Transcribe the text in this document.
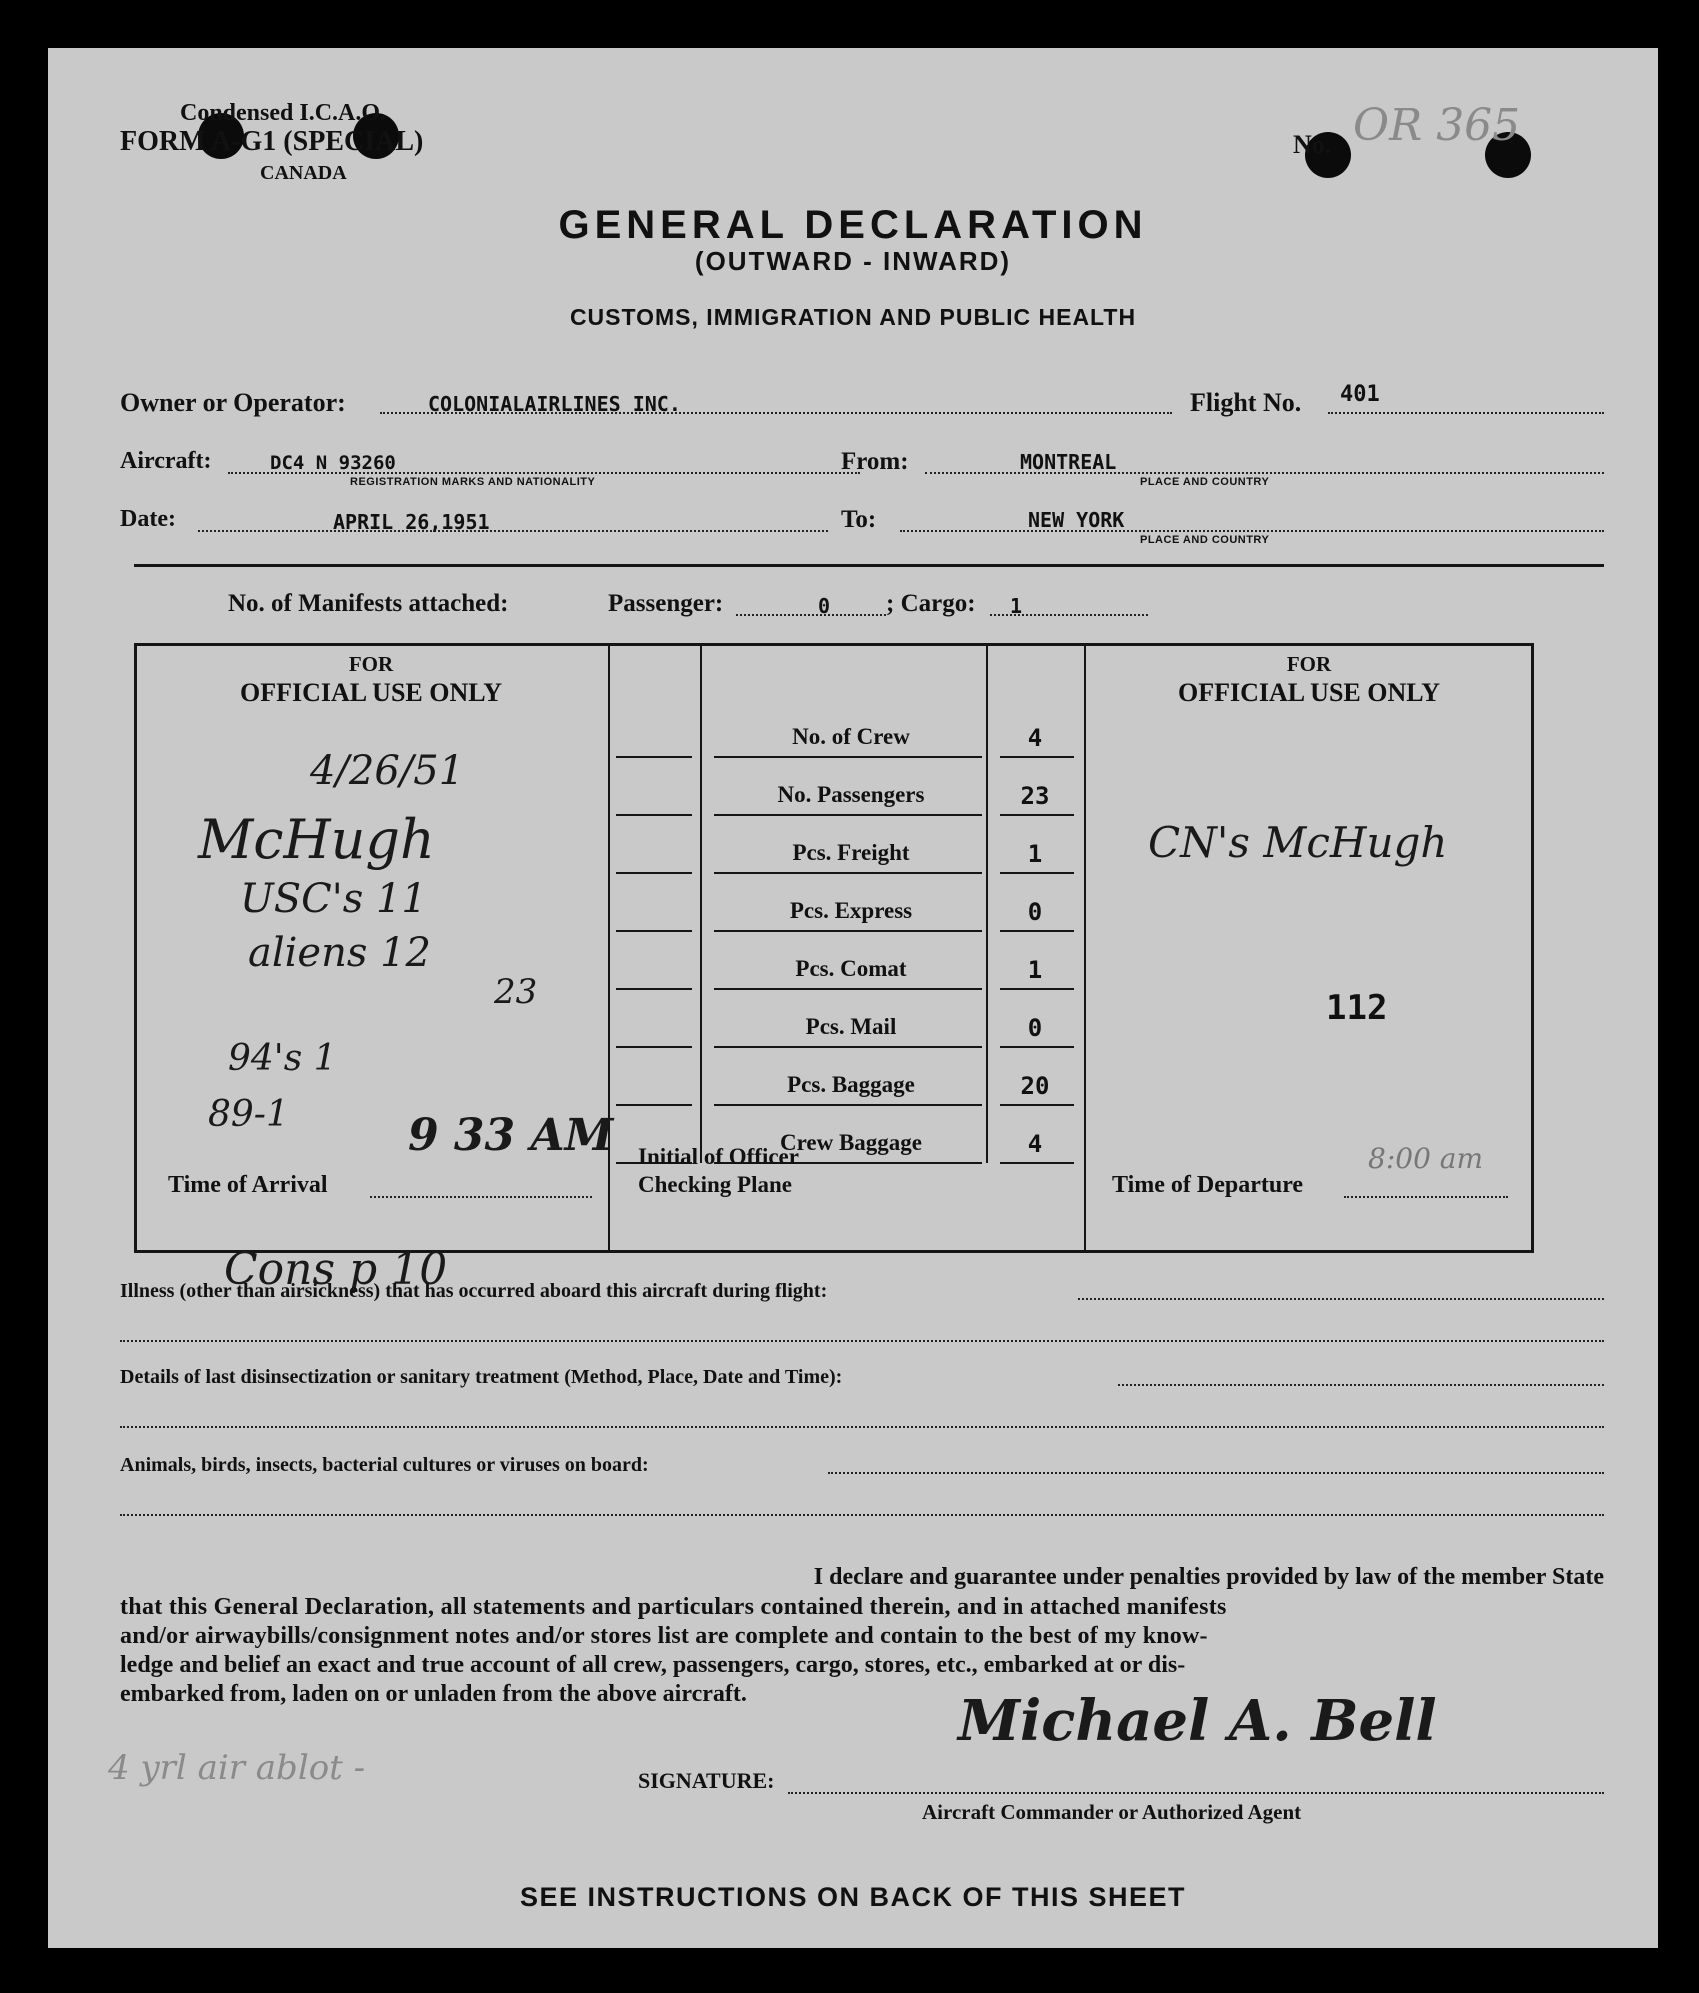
Condensed I.C.A.O.
FORM A-G1 (SPECIAL)
CANADA
No. OR 365
GENERAL DECLARATION
(OUTWARD - INWARD)
CUSTOMS, IMMIGRATION AND PUBLIC HEALTH
Owner or Operator:	COLONIALAIRLINES INC.	Flight No. 401
Aircraft:	DC4 N 93260
REGISTRATION MARKS AND NATIONALITY
From:	MONTREAL
PLACE AND COUNTRY
Date:	APRIL 26,1951	To:	NEW YORK
PLACE AND COUNTRY
No. of Manifests attached:	Passenger:	0 ; Cargo: 1
FOR
OFFICIAL USE ONLY
FOR
OFFICIAL USE ONLY
No. of Crew	4
No. Passengers	23
Pcs. Freight	1
Pcs. Express	0
Pcs. Comat	1
Pcs. Mail	0
Pcs. Baggage	20
Crew Baggage	4
Initial of Officer
Checking Plane
Time of Arrival
9 33 AM
Time of Departure
8:00 am
CN's McHugh
112
4/26/51
McHugh
USC's 11
aliens 12
23
94's 1
89-1
Cons p 10
Illness (other than airsickness) that has occurred aboard this aircraft during flight:
Details of last disinsectization or sanitary treatment (Method, Place, Date and Time):
Animals, birds, insects, bacterial cultures or viruses on board:
I declare and guarantee under penalties provided by law of the member State
that this General Declaration, all statements and particulars contained therein, and in attached manifests
and/or airwaybills/consignment notes and/or stores list are complete and contain to the best of my know-
ledge and belief an exact and true account of all crew, passengers, cargo, stores, etc., embarked at or dis-
embarked from, laden on or unladen from the above aircraft.
4 yrl air ablot -
Michael A. Bell
SIGNATURE:
Aircraft Commander or Authorized Agent
SEE INSTRUCTIONS ON BACK OF THIS SHEET
